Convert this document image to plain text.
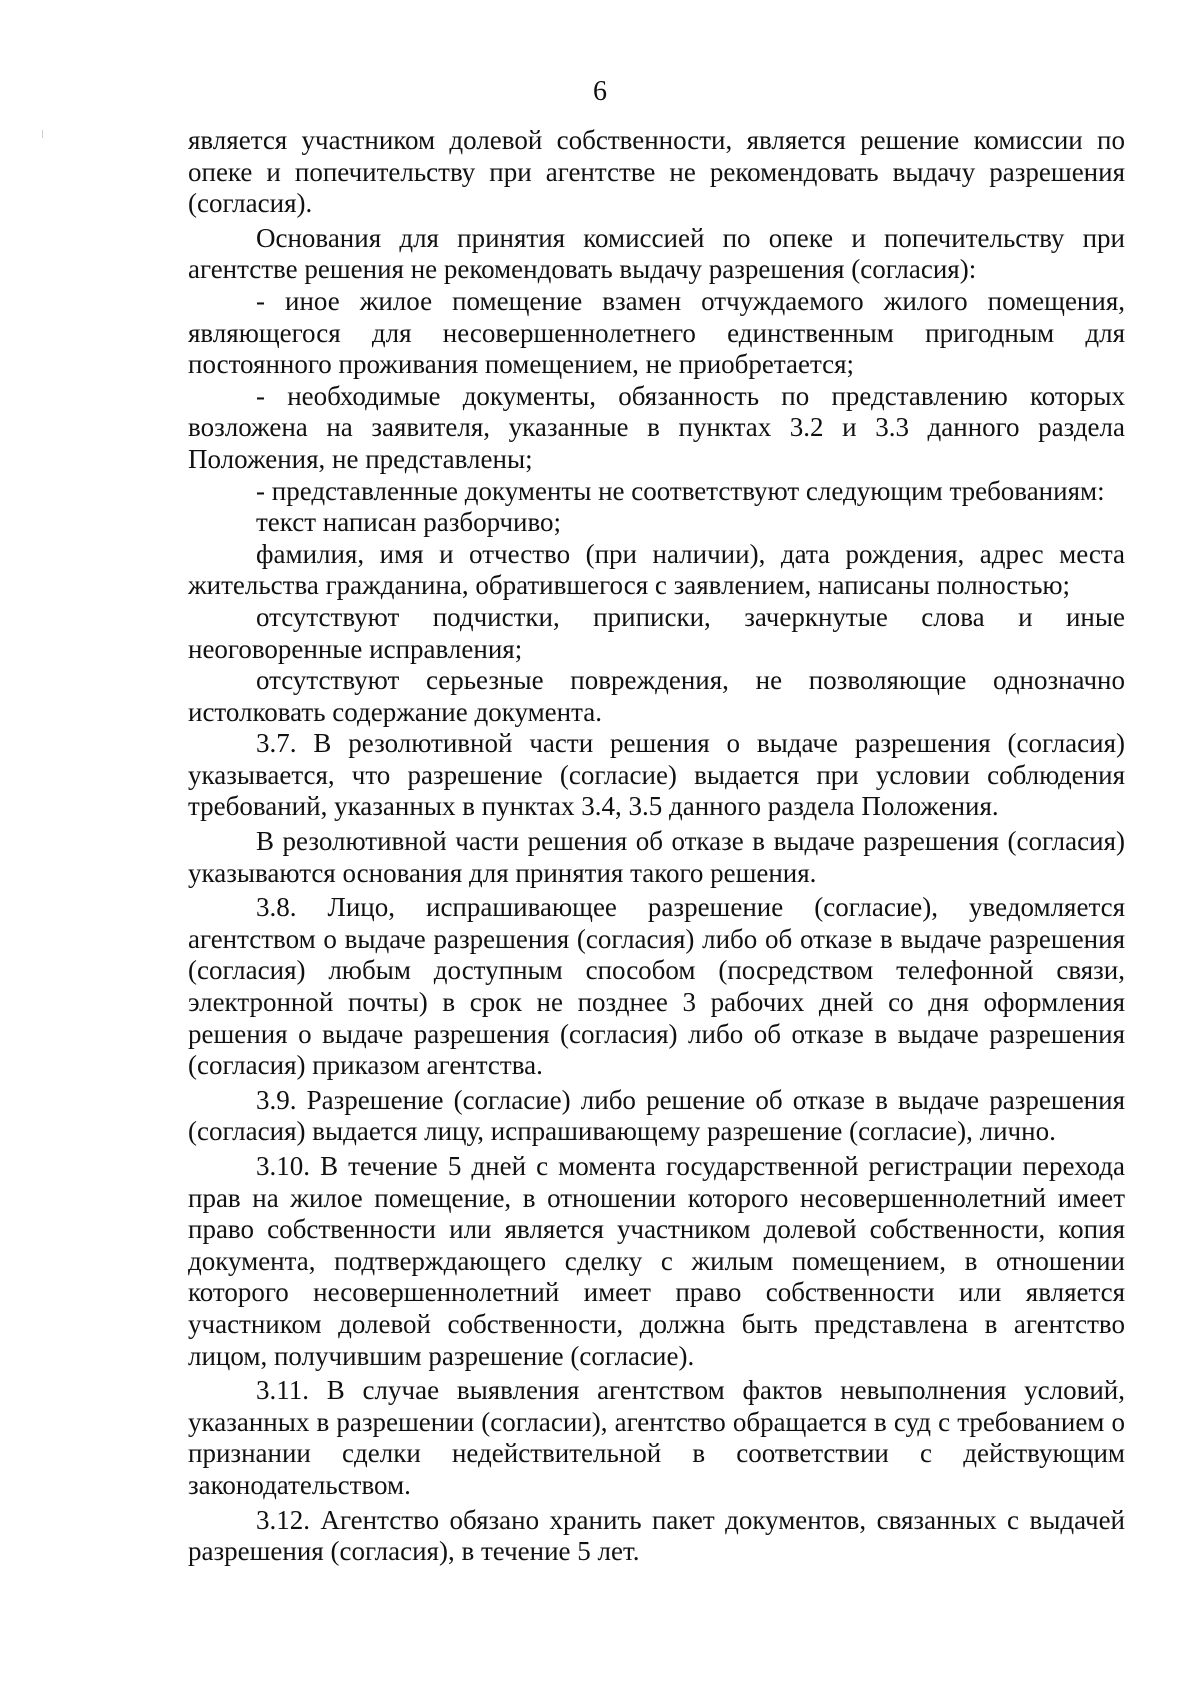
6

является участником долевой собственности, является решение комиссии по опеке и попечительству при агентстве не рекомендовать выдачу разрешения (согласия).

Основания для принятия комиссией по опеке и попечительству при агентстве решения не рекомендовать выдачу разрешения (согласия):

- иное жилое помещение взамен отчуждаемого жилого помещения, являющегося для несовершеннолетнего единственным пригодным для постоянного проживания помещением, не приобретается;

- необходимые документы, обязанность по представлению которых возложена на заявителя, указанные в пунктах 3.2 и 3.3 данного раздела Положения, не представлены;

- представленные документы не соответствуют следующим требованиям:

текст написан разборчиво;

фамилия, имя и отчество (при наличии), дата рождения, адрес места жительства гражданина, обратившегося с заявлением, написаны полностью;

отсутствуют подчистки, приписки, зачеркнутые слова и иные неоговоренные исправления;

отсутствуют серьезные повреждения, не позволяющие однозначно истолковать содержание документа.

3.7. В резолютивной части решения о выдаче разрешения (согласия) указывается, что разрешение (согласие) выдается при условии соблюдения требований, указанных в пунктах 3.4, 3.5 данного раздела Положения.

В резолютивной части решения об отказе в выдаче разрешения (согласия) указываются основания для принятия такого решения.

3.8. Лицо, испрашивающее разрешение (согласие), уведомляется агентством о выдаче разрешения (согласия) либо об отказе в выдаче разрешения (согласия) любым доступным способом (посредством телефонной связи, электронной почты) в срок не позднее 3 рабочих дней со дня оформления решения о выдаче разрешения (согласия) либо об отказе в выдаче разрешения (согласия) приказом агентства.

3.9. Разрешение (согласие) либо решение об отказе в выдаче разрешения (согласия) выдается лицу, испрашивающему разрешение (согласие), лично.

3.10. В течение 5 дней с момента государственной регистрации перехода прав на жилое помещение, в отношении которого несовершеннолетний имеет право собственности или является участником долевой собственности, копия документа, подтверждающего сделку с жилым помещением, в отношении которого несовершеннолетний имеет право собственности или является участником долевой собственности, должна быть представлена в агентство лицом, получившим разрешение (согласие).

3.11. В случае выявления агентством фактов невыполнения условий, указанных в разрешении (согласии), агентство обращается в суд с требованием о признании сделки недействительной в соответствии с действующим законодательством.

3.12. Агентство обязано хранить пакет документов, связанных с выдачей разрешения (согласия), в течение 5 лет.
